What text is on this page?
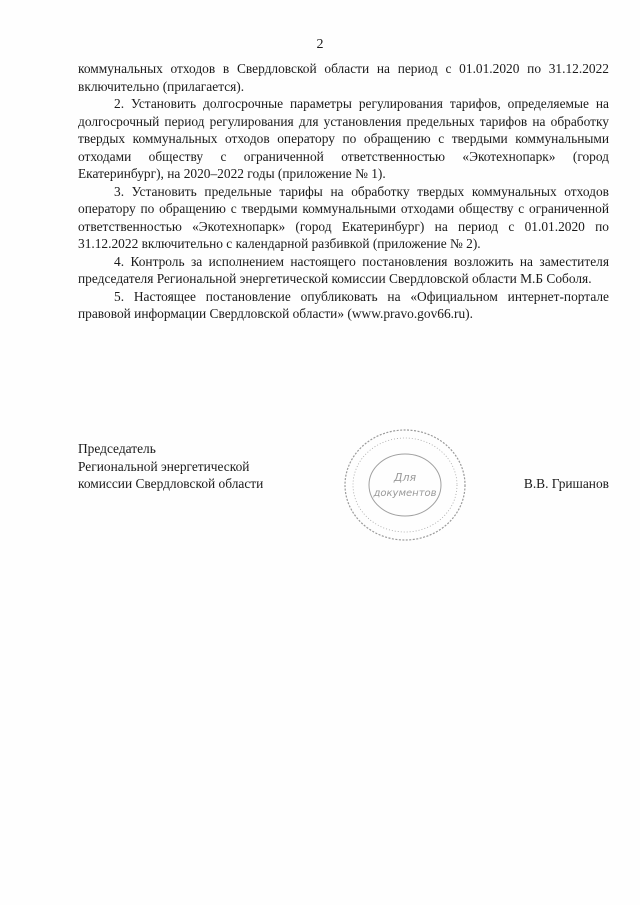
2

коммунальных отходов в Свердловской области на период с 01.01.2020 по 31.12.2022 включительно (прилагается).

2. Установить долгосрочные параметры регулирования тарифов, определяемые на долгосрочный период регулирования для установления предельных тарифов на обработку твердых коммунальных отходов оператору по обращению с твердыми коммунальными отходами обществу с ограниченной ответственностью «Экотехнопарк» (город Екатеринбург), на 2020–2022 годы (приложение № 1).

3. Установить предельные тарифы на обработку твердых коммунальных отходов оператору по обращению с твердыми коммунальными отходами обществу с ограниченной ответственностью «Экотехнопарк» (город Екатеринбург) на период с 01.01.2020 по 31.12.2022 включительно с календарной разбивкой (приложение № 2).

4. Контроль за исполнением настоящего постановления возложить на заместителя председателя Региональной энергетической комиссии Свердловской области М.Б Соболя.

5. Настоящее постановление опубликовать на «Официальном интернет-портале правовой информации Свердловской области» (www.pravo.gov66.ru).

Председатель
Региональной энергетической
комиссии Свердловской области	В.В. Гришанов
Для
документов
